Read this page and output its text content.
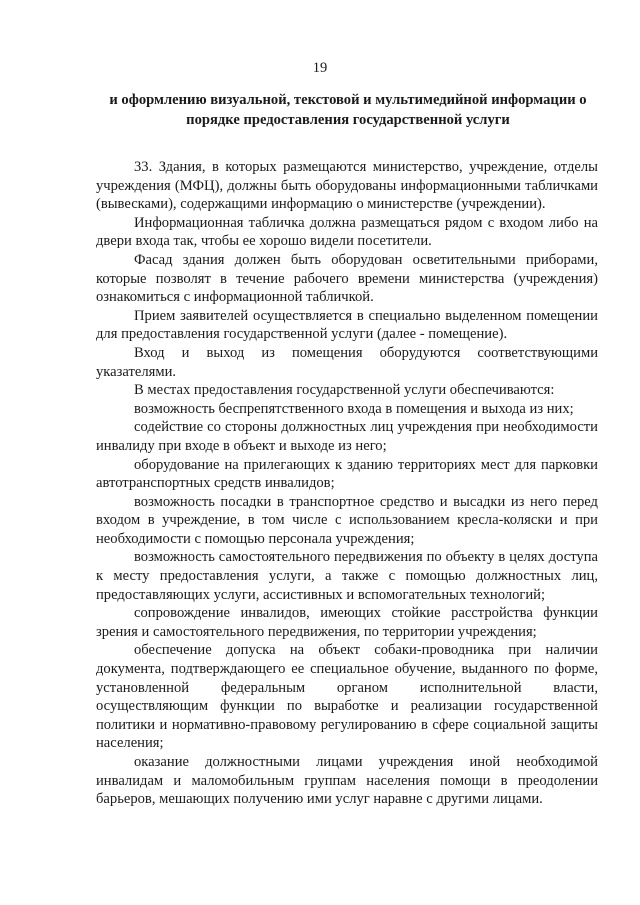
19
и оформлению визуальной, текстовой и мультимедийной информации о порядке предоставления государственной услуги

33. Здания, в которых размещаются министерство, учреждение, отделы учреждения (МФЦ), должны быть оборудованы информационными табличками (вывесками), содержащими информацию о министерстве (учреждении).

Информационная табличка должна размещаться рядом с входом либо на двери входа так, чтобы ее хорошо видели посетители.

Фасад здания должен быть оборудован осветительными приборами, которые позволят в течение рабочего времени министерства (учреждения) ознакомиться с информационной табличкой.

Прием заявителей осуществляется в специально выделенном помещении для предоставления государственной услуги (далее - помещение).

Вход и выход из помещения оборудуются соответствующими указателями.

В местах предоставления государственной услуги обеспечиваются:

возможность беспрепятственного входа в помещения и выхода из них;

содействие со стороны должностных лиц учреждения при необходимости инвалиду при входе в объект и выходе из него;

оборудование на прилегающих к зданию территориях мест для парковки автотранспортных средств инвалидов;

возможность посадки в транспортное средство и высадки из него перед входом в учреждение, в том числе с использованием кресла-коляски и при необходимости с помощью персонала учреждения;

возможность самостоятельного передвижения по объекту в целях доступа к месту предоставления услуги, а также с помощью должностных лиц, предоставляющих услуги, ассистивных и вспомогательных технологий;

сопровождение инвалидов, имеющих стойкие расстройства функции зрения и самостоятельного передвижения, по территории учреждения;

обеспечение допуска на объект собаки-проводника при наличии документа, подтверждающего ее специальное обучение, выданного по форме, установленной федеральным органом исполнительной власти, осуществляющим функции по выработке и реализации государственной политики и нормативно-правовому регулированию в сфере социальной защиты населения;

оказание должностными лицами учреждения иной необходимой инвалидам и маломобильным группам населения помощи в преодолении барьеров, мешающих получению ими услуг наравне с другими лицами.
